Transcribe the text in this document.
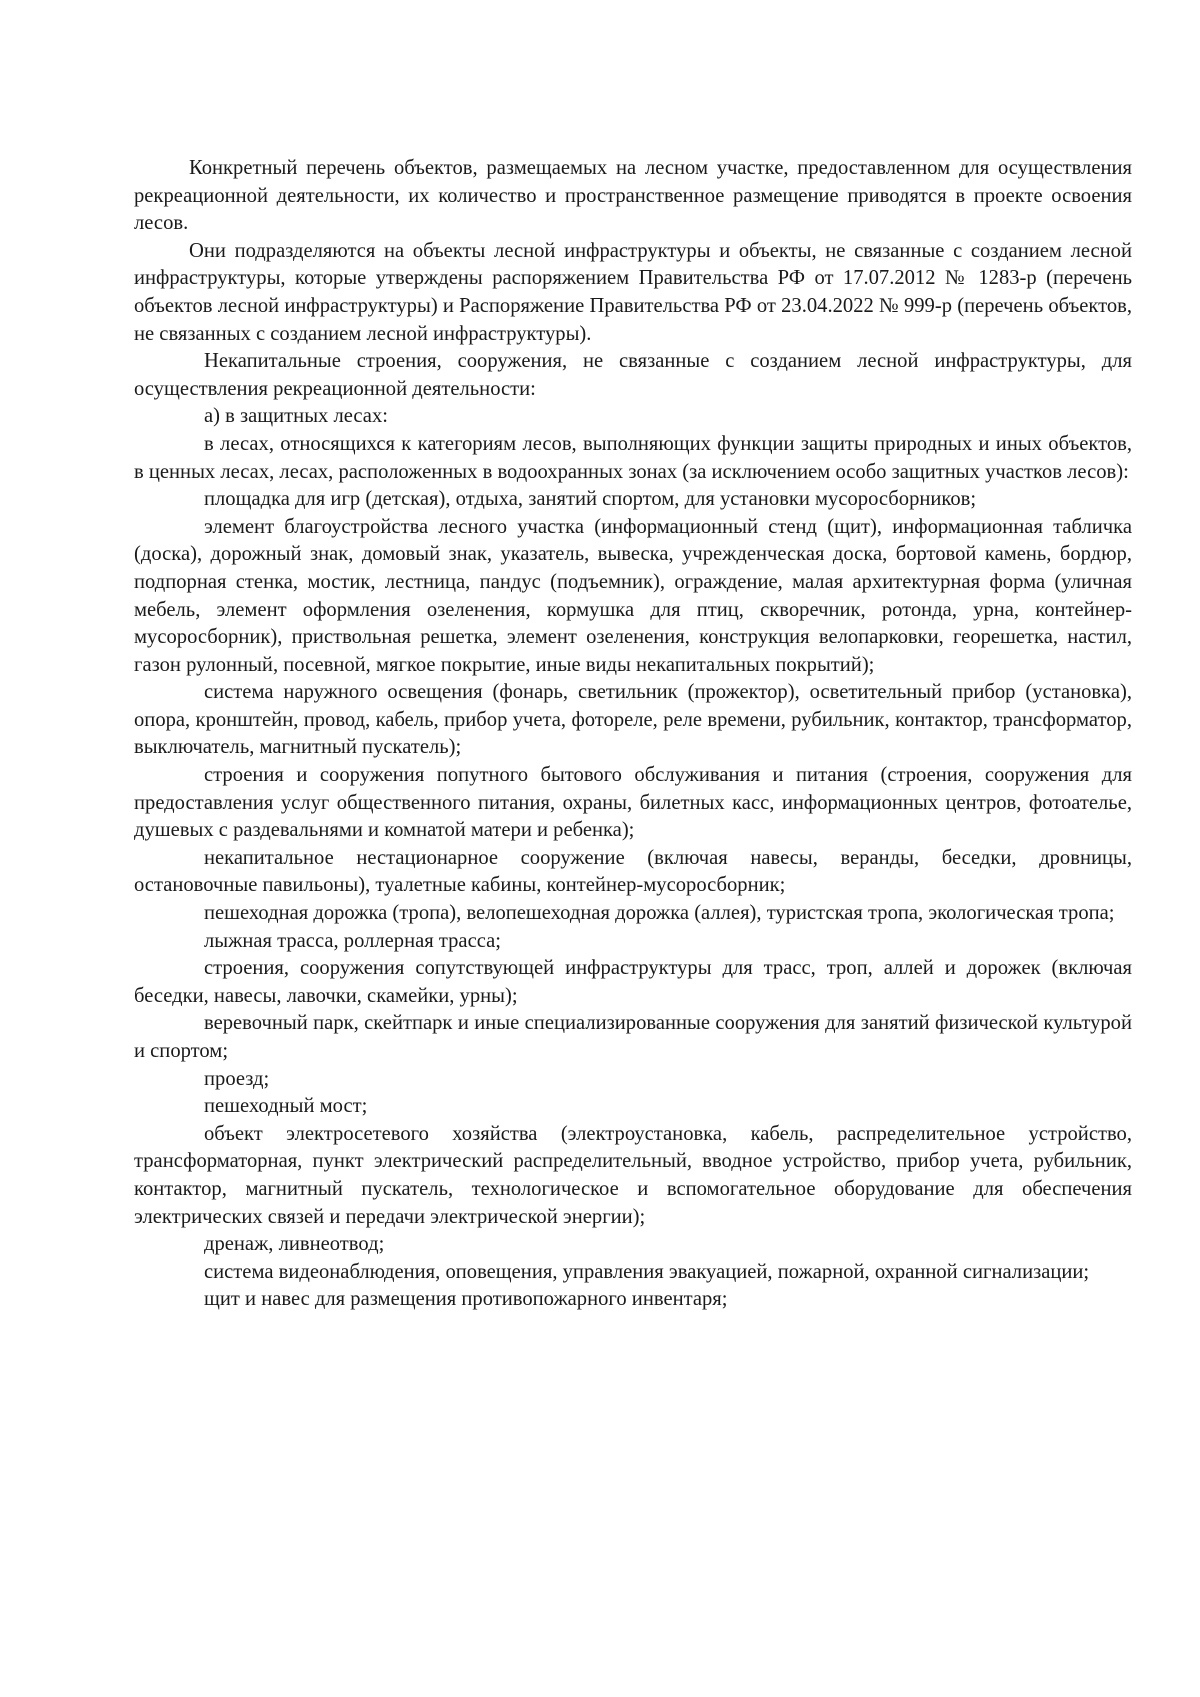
Конкретный перечень объектов, размещаемых на лесном участке, предоставленном для осуществления рекреационной деятельности, их количество и пространственное размещение приводятся в проекте освоения лесов.

Они подразделяются на объекты лесной инфраструктуры и объекты, не связанные с созданием лесной инфраструктуры, которые утверждены распоряжением Правительства РФ от 17.07.2012 № 1283-р (перечень объектов лесной инфраструктуры) и Распоряжение Правительства РФ от 23.04.2022 № 999-р (перечень объектов, не связанных с созданием лесной инфраструктуры).

Некапитальные строения, сооружения, не связанные с созданием лесной инфраструктуры, для осуществления рекреационной деятельности:

а) в защитных лесах:

в лесах, относящихся к категориям лесов, выполняющих функции защиты природных и иных объектов, в ценных лесах, лесах, расположенных в водоохранных зонах (за исключением особо защитных участков лесов):

площадка для игр (детская), отдыха, занятий спортом, для установки мусоросборников;

элемент благоустройства лесного участка (информационный стенд (щит), информационная табличка (доска), дорожный знак, домовый знак, указатель, вывеска, учрежденческая доска, бортовой камень, бордюр, подпорная стенка, мостик, лестница, пандус (подъемник), ограждение, малая архитектурная форма (уличная мебель, элемент оформления озеленения, кормушка для птиц, скворечник, ротонда, урна, контейнер-мусоросборник), приствольная решетка, элемент озеленения, конструкция велопарковки, георешетка, настил, газон рулонный, посевной, мягкое покрытие, иные виды некапитальных покрытий);

система наружного освещения (фонарь, светильник (прожектор), осветительный прибор (установка), опора, кронштейн, провод, кабель, прибор учета, фотореле, реле времени, рубильник, контактор, трансформатор, выключатель, магнитный пускатель);

строения и сооружения попутного бытового обслуживания и питания (строения, сооружения для предоставления услуг общественного питания, охраны, билетных касс, информационных центров, фотоателье, душевых с раздевальнями и комнатой матери и ребенка);

некапитальное нестационарное сооружение (включая навесы, веранды, беседки, дровницы, остановочные павильоны), туалетные кабины, контейнер-мусоросборник;

пешеходная дорожка (тропа), велопешеходная дорожка (аллея), туристская тропа, экологическая тропа;

лыжная трасса, роллерная трасса;

строения, сооружения сопутствующей инфраструктуры для трасс, троп, аллей и дорожек (включая беседки, навесы, лавочки, скамейки, урны);

веревочный парк, скейтпарк и иные специализированные сооружения для занятий физической культурой и спортом;

проезд;

пешеходный мост;

объект электросетевого хозяйства (электроустановка, кабель, распределительное устройство, трансформаторная, пункт электрический распределительный, вводное устройство, прибор учета, рубильник, контактор, магнитный пускатель, технологическое и вспомогательное оборудование для обеспечения электрических связей и передачи электрической энергии);

дренаж, ливнеотвод;

система видеонаблюдения, оповещения, управления эвакуацией, пожарной, охранной сигнализации;

щит и навес для размещения противопожарного инвентаря;
